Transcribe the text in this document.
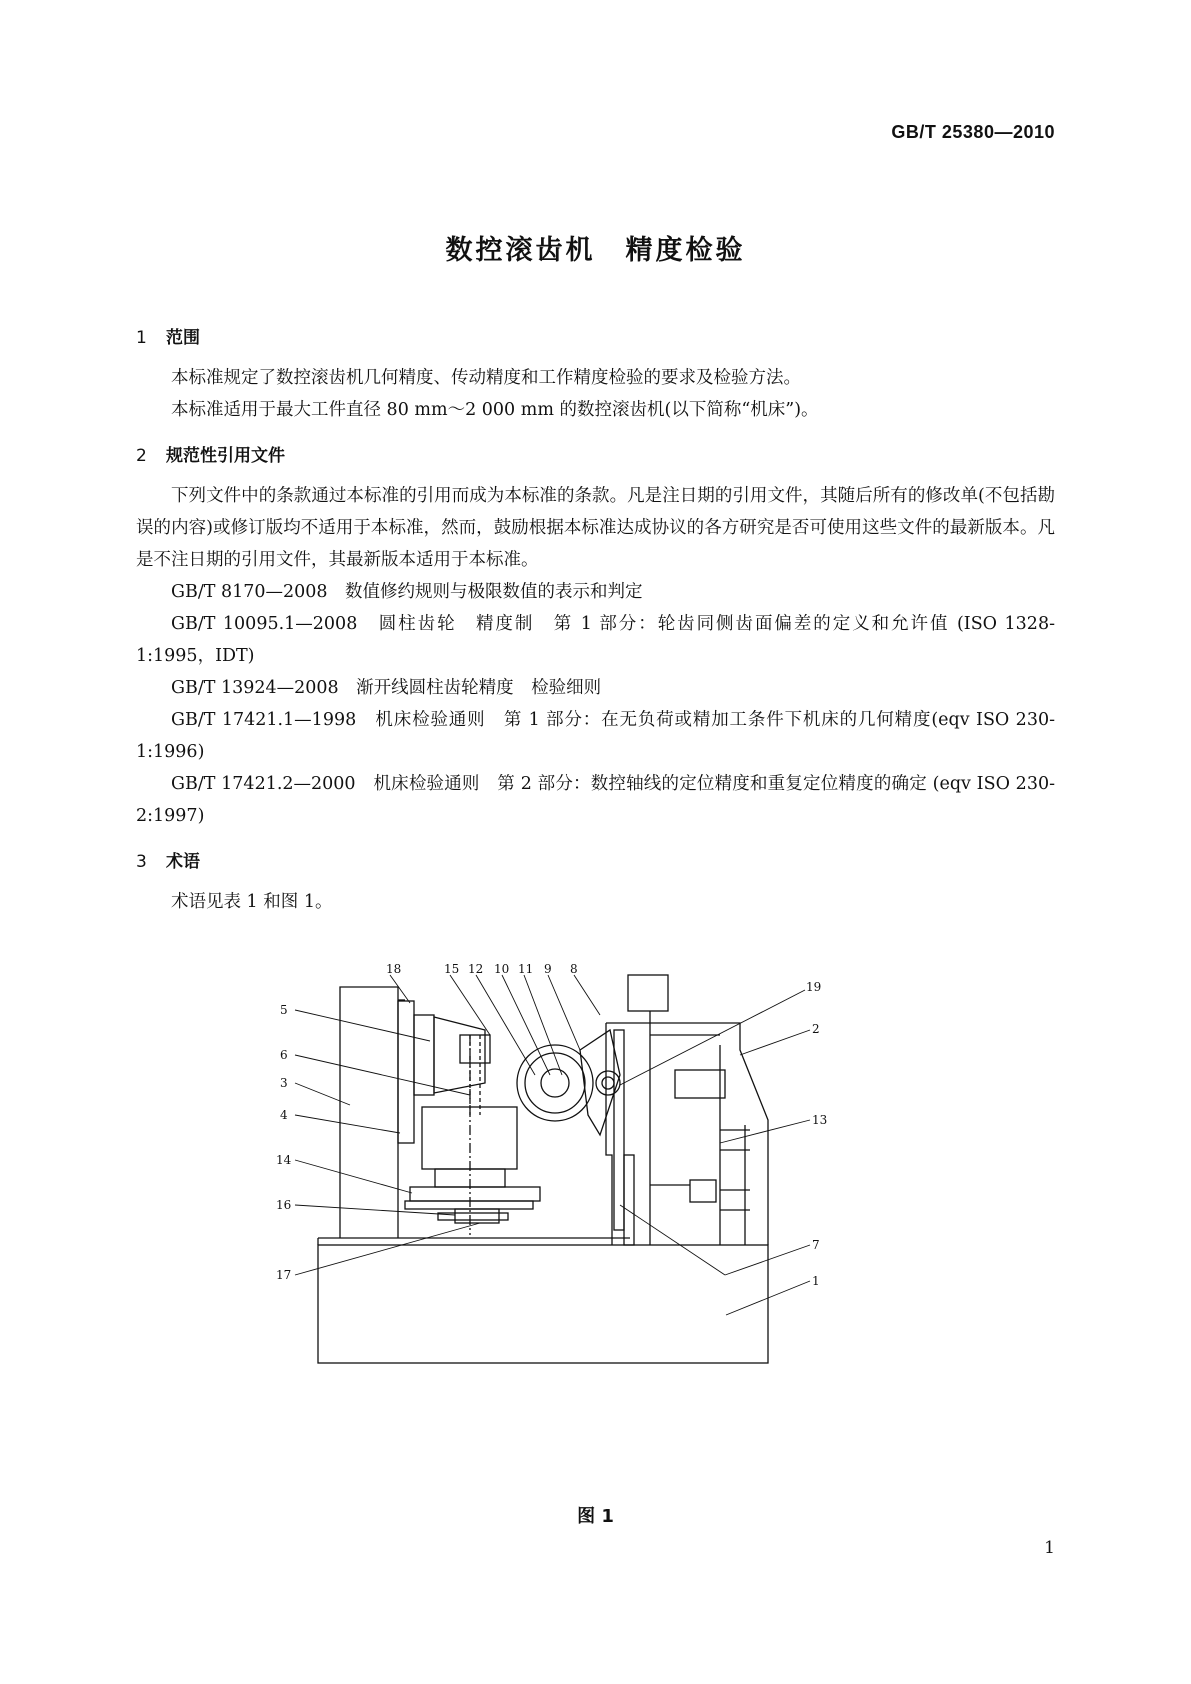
GB/T 25380—2010
数控滚齿机　精度检验
1 范围

本标准规定了数控滚齿机几何精度、传动精度和工作精度检验的要求及检验方法。

本标准适用于最大工件直径 80 mm～2 000 mm 的数控滚齿机(以下简称“机床”)。

2 规范性引用文件

下列文件中的条款通过本标准的引用而成为本标准的条款。凡是注日期的引用文件，其随后所有的修改单(不包括勘误的内容)或修订版均不适用于本标准，然而，鼓励根据本标准达成协议的各方研究是否可使用这些文件的最新版本。凡是不注日期的引用文件，其最新版本适用于本标准。

GB/T 8170—2008　数值修约规则与极限数值的表示和判定

GB/T 10095.1—2008　圆柱齿轮　精度制　第 1 部分：轮齿同侧齿面偏差的定义和允许值 (ISO 1328-1:1995，IDT)

GB/T 13924—2008　渐开线圆柱齿轮精度　检验细则

GB/T 17421.1—1998　机床检验通则　第 1 部分：在无负荷或精加工条件下机床的几何精度(eqv ISO 230-1:1996)

GB/T 17421.2—2000　机床检验通则　第 2 部分：数控轴线的定位精度和重复定位精度的确定 (eqv ISO 230-2:1997)

3 术语

术语见表 1 和图 1。

18	15 12 10 11 9 8
19
5
2
6
3
4	13
14
16
7
17	1
图 1
1
